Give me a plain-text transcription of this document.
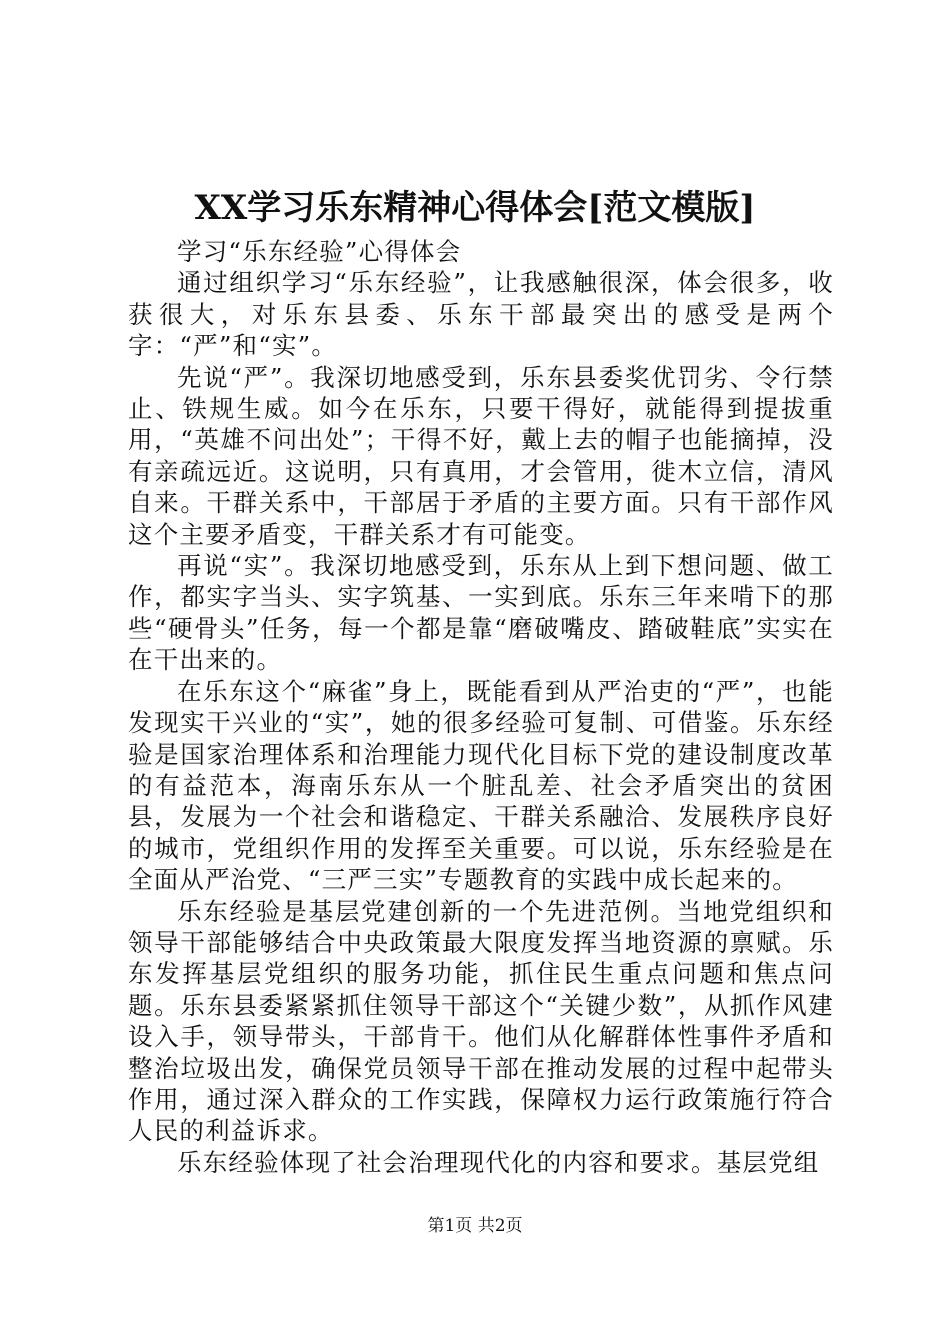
XX学习乐东精神心得体会[范文模版]

学习“乐东经验”心得体会

通过组织学习“乐东经验”，让我感触很深，体会很多，收获很大，对乐东县委、乐东干部最突出的感受是两个字：“严”和“实”。

先说“严”。我深切地感受到，乐东县委奖优罚劣、令行禁止、铁规生威。如今在乐东，只要干得好，就能得到提拔重用，“英雄不问出处”；干得不好，戴上去的帽子也能摘掉，没有亲疏远近。这说明，只有真用，才会管用，徙木立信，清风自来。干群关系中，干部居于矛盾的主要方面。只有干部作风这个主要矛盾变，干群关系才有可能变。

再说“实”。我深切地感受到，乐东从上到下想问题、做工作，都实字当头、实字筑基、一实到底。乐东三年来啃下的那些“硬骨头”任务，每一个都是靠“磨破嘴皮、踏破鞋底”实实在在干出来的。

在乐东这个“麻雀”身上，既能看到从严治吏的“严”，也能发现实干兴业的“实”，她的很多经验可复制、可借鉴。乐东经验是国家治理体系和治理能力现代化目标下党的建设制度改革的有益范本，海南乐东从一个脏乱差、社会矛盾突出的贫困县，发展为一个社会和谐稳定、干群关系融洽、发展秩序良好的城市，党组织作用的发挥至关重要。可以说，乐东经验是在全面从严治党、“三严三实”专题教育的实践中成长起来的。

乐东经验是基层党建创新的一个先进范例。当地党组织和领导干部能够结合中央政策最大限度发挥当地资源的禀赋。乐东发挥基层党组织的服务功能，抓住民生重点问题和焦点问题。乐东县委紧紧抓住领导干部这个“关键少数”，从抓作风建设入手，领导带头，干部肯干。他们从化解群体性事件矛盾和整治垃圾出发，确保党员领导干部在推动发展的过程中起带头作用，通过深入群众的工作实践，保障权力运行政策施行符合人民的利益诉求。

乐东经验体现了社会治理现代化的内容和要求。基层党组

第1页 共2页
